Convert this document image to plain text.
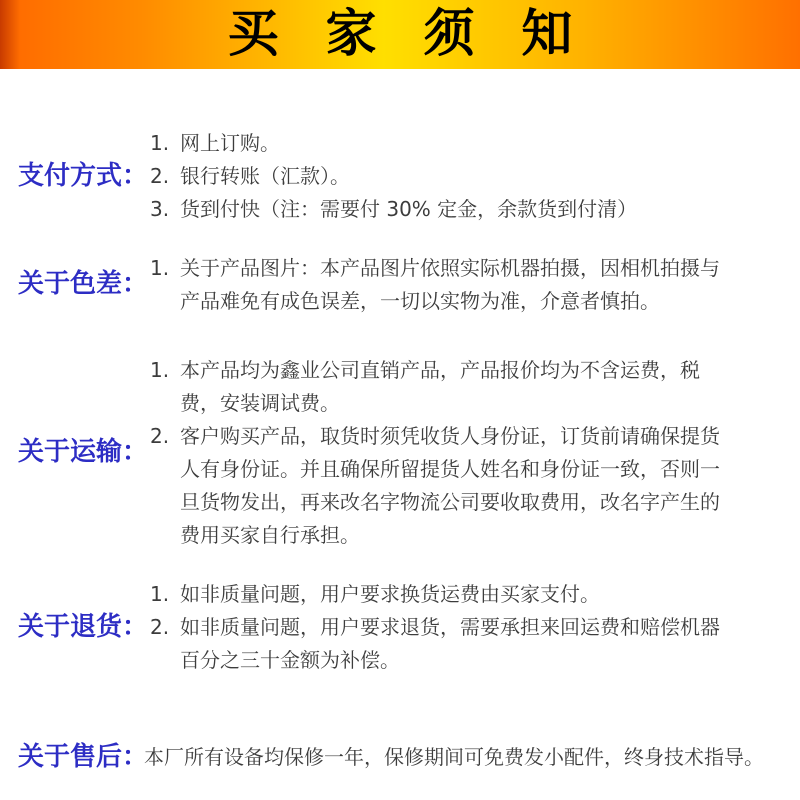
买家须知
支付方式：
1. 网上订购。
2. 银行转账（汇款）。
3. 货到付快（注：需要付 30% 定金，余款货到付清）
关于色差：
1. 关于产品图片：本产品图片依照实际机器拍摄，因相机拍摄与产品难免有成色误差，一切以实物为准，介意者慎拍。
关于运输：
1. 本产品均为鑫业公司直销产品，产品报价均为不含运费，税费，安装调试费。
2. 客户购买产品，取货时须凭收货人身份证，订货前请确保提货人有身份证。并且确保所留提货人姓名和身份证一致，否则一旦货物发出，再来改名字物流公司要收取费用，改名字产生的费用买家自行承担。
关于退货：
1. 如非质量问题，用户要求换货运费由买家支付。
2. 如非质量问题，用户要求退货，需要承担来回运费和赔偿机器百分之三十金额为补偿。
关于售后：
本厂所有设备均保修一年，保修期间可免费发小配件，终身技术指导。
